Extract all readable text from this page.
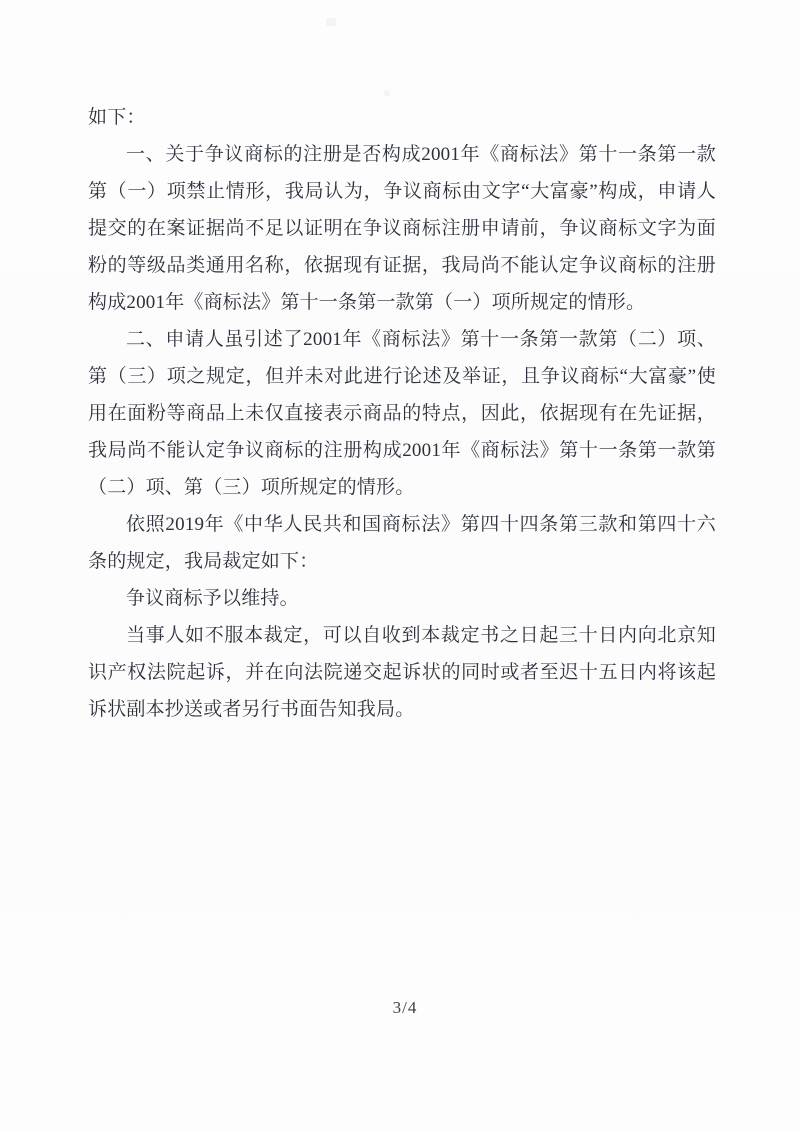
如下：

一、关于争议商标的注册是否构成2001年《商标法》第十一条第一款第（一）项禁止情形，我局认为，争议商标由文字“大富豪”构成，申请人提交的在案证据尚不足以证明在争议商标注册申请前，争议商标文字为面粉的等级品类通用名称，依据现有证据，我局尚不能认定争议商标的注册构成2001年《商标法》第十一条第一款第（一）项所规定的情形。

二、申请人虽引述了2001年《商标法》第十一条第一款第（二）项、第（三）项之规定，但并未对此进行论述及举证，且争议商标“大富豪”使用在面粉等商品上未仅直接表示商品的特点，因此，依据现有在先证据，我局尚不能认定争议商标的注册构成2001年《商标法》第十一条第一款第（二）项、第（三）项所规定的情形。

依照2019年《中华人民共和国商标法》第四十四条第三款和第四十六条的规定，我局裁定如下：

争议商标予以维持。

当事人如不服本裁定，可以自收到本裁定书之日起三十日内向北京知识产权法院起诉，并在向法院递交起诉状的同时或者至迟十五日内将该起诉状副本抄送或者另行书面告知我局。

3/4
